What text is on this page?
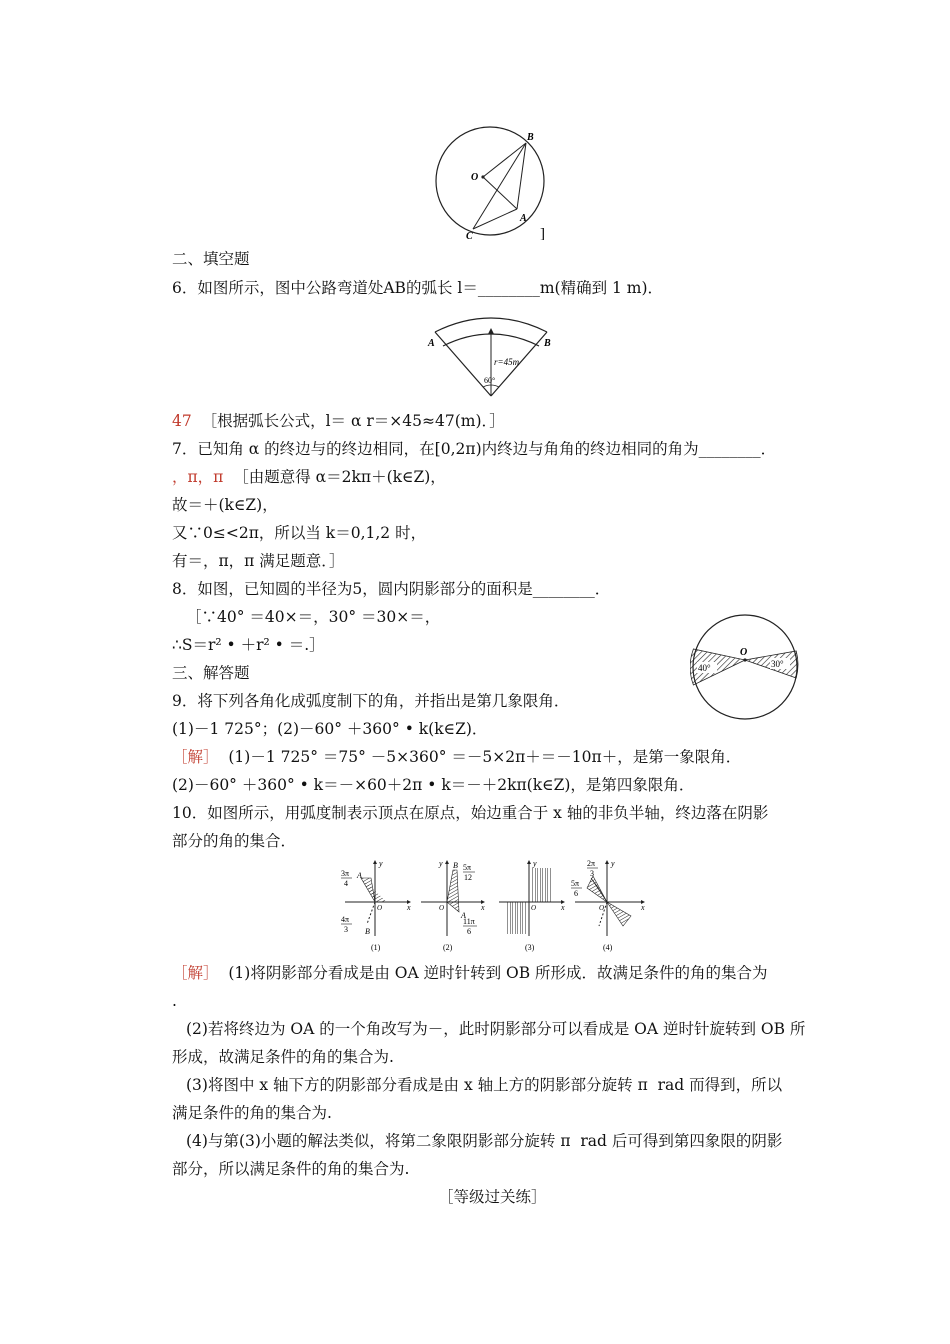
B
O
A
C	]
二、填空题
6．如图所示，图中公路弯道处AB的弧长 l＝________m(精确到 1 m)．
A	B
r=45m
60°
47 ［根据弧长公式，l＝ α r＝×45≈47(m)．］
7．已知角 α 的终边与的终边相同，在[0,2π)内终边与角角的终边相同的角为________．
，π，π ［由题意得 α＝2kπ＋(k∈Z)，
故＝＋(k∈Z)，
又∵0≤<2π，所以当 k＝0,1,2 时，
有＝，π，π 满足题意．］
8．如图，已知圆的半径为5，圆内阴影部分的面积是________．
［∵40° ＝40×＝，30° ＝30×＝，
∴S＝r² • ＋r² • ＝.］	O
40°	30°
三、解答题
9．将下列各角化成弧度制下的角，并指出是第几象限角．
(1)－1 725°；(2)－60° ＋360° • k(k∈Z)．
［解］ (1)－1 725° ＝75° －5×360° ＝－5×2π＋＝－10π＋，是第一象限角．
(2)－60° ＋360° • k＝－×60＋2π • k＝－＋2kπ(k∈Z)，是第四象限角．
10．如图所示，用弧度制表示顶点在原点，始边重合于 x 轴的非负半轴，终边落在阴影
部分的角的集合．
3π
4
4π
3
A
B
y
x
O
(1)
5π
12
11π
6
A
B
y
x
O
(2)
y
x
O
(3)
2π
3
5π
6
y
x
O
(4)
［解］ (1)将阴影部分看成是由 OA 逆时针转到 OB 所形成．故满足条件的角的集合为
.
(2)若将终边为 OA 的一个角改写为－，此时阴影部分可以看成是 OA 逆时针旋转到 OB 所
形成，故满足条件的角的集合为.
(3)将图中 x 轴下方的阴影部分看成是由 x 轴上方的阴影部分旋转 π  rad 而得到，所以
满足条件的角的集合为.
(4)与第(3)小题的解法类似，将第二象限阴影部分旋转 π  rad 后可得到第四象限的阴影
部分，所以满足条件的角的集合为.
［等级过关练］
